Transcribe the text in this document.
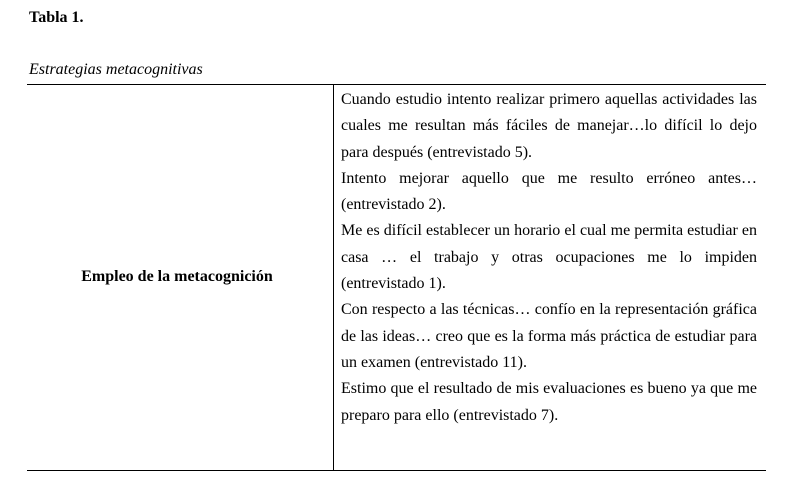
Tabla 1.
Estrategias metacognitivas
Empleo de la metacognición

Cuando estudio intento realizar primero aquellas actividades las cuales me resultan más fáciles de manejar…lo difícil lo dejo para después (entrevistado 5).

Intento mejorar aquello que me resulto erróneo antes… (entrevistado 2).

Me es difícil establecer un horario el cual me permita estudiar en casa … el trabajo y otras ocupaciones me lo impiden (entrevistado 1).

Con respecto a las técnicas… confío en la representación gráfica de las ideas… creo que es la forma más práctica de estudiar para un examen (entrevistado 11).

Estimo que el resultado de mis evaluaciones es bueno ya que me preparo para ello (entrevistado 7).
